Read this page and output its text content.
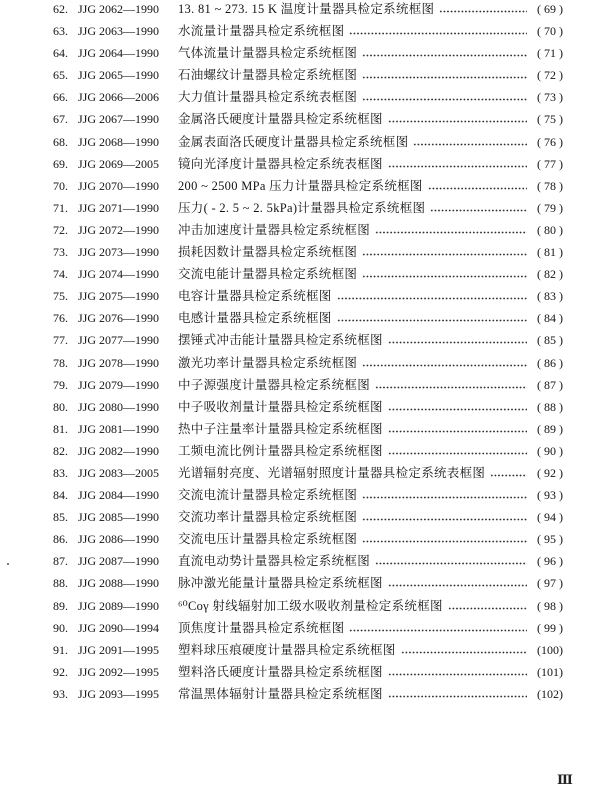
62. JJG 2062—1990	13. 81 ~ 273. 15 K 温度计量器具检定系统框图	( 69 )
63. JJG 2063—1990	水流量计量器具检定系统框图	( 70 )
64. JJG 2064—1990	气体流量计量器具检定系统框图	( 71 )
65. JJG 2065—1990	石油螺纹计量器具检定系统框图	( 72 )
66. JJG 2066—2006	大力值计量器具检定系统表框图	( 73 )
67. JJG 2067—1990	金属洛氏硬度计量器具检定系统框图	( 75 )
68. JJG 2068—1990	金属表面洛氏硬度计量器具检定系统框图	( 76 )
69. JJG 2069—2005	镜向光泽度计量器具检定系统表框图	( 77 )
70. JJG 2070—1990	200 ~ 2500 MPa 压力计量器具检定系统框图	( 78 )
71. JJG 2071—1990	压力( - 2. 5 ~ 2. 5kPa)计量器具检定系统框图	( 79 )
72. JJG 2072—1990	冲击加速度计量器具检定系统框图	( 80 )
73. JJG 2073—1990	损耗因数计量器具检定系统框图	( 81 )
74. JJG 2074—1990	交流电能计量器具检定系统框图	( 82 )
75. JJG 2075—1990	电容计量器具检定系统框图	( 83 )
76. JJG 2076—1990	电感计量器具检定系统框图	( 84 )
77. JJG 2077—1990	摆锤式冲击能计量器具检定系统框图	( 85 )
78. JJG 2078—1990	激光功率计量器具检定系统框图	( 86 )
79. JJG 2079—1990	中子源强度计量器具检定系统框图	( 87 )
80. JJG 2080—1990	中子吸收剂量计量器具检定系统框图	( 88 )
81. JJG 2081—1990	热中子注量率计量器具检定系统框图	( 89 )
82. JJG 2082—1990	工频电流比例计量器具检定系统框图	( 90 )
83. JJG 2083—2005	光谱辐射亮度、光谱辐射照度计量器具检定系统表框图	( 92 )
84. JJG 2084—1990	交流电流计量器具检定系统框图	( 93 )
85. JJG 2085—1990	交流功率计量器具检定系统框图	( 94 )
86. JJG 2086—1990	交流电压计量器具检定系统框图	( 95 )
87. JJG 2087—1990	直流电动势计量器具检定系统框图	( 96 )
88. JJG 2088—1990	脉冲激光能量计量器具检定系统框图	( 97 )
89. JJG 2089—1990	⁶⁰Coγ 射线辐射加工级水吸收剂量检定系统框图	( 98 )
90. JJG 2090—1994	顶焦度计量器具检定系统框图	( 99 )
91. JJG 2091—1995	塑料球压痕硬度计量器具检定系统框图	(100)
92. JJG 2092—1995	塑料洛氏硬度计量器具检定系统框图	(101)
93. JJG 2093—1995	常温黑体辐射计量器具检定系统框图	(102)
Ⅲ
